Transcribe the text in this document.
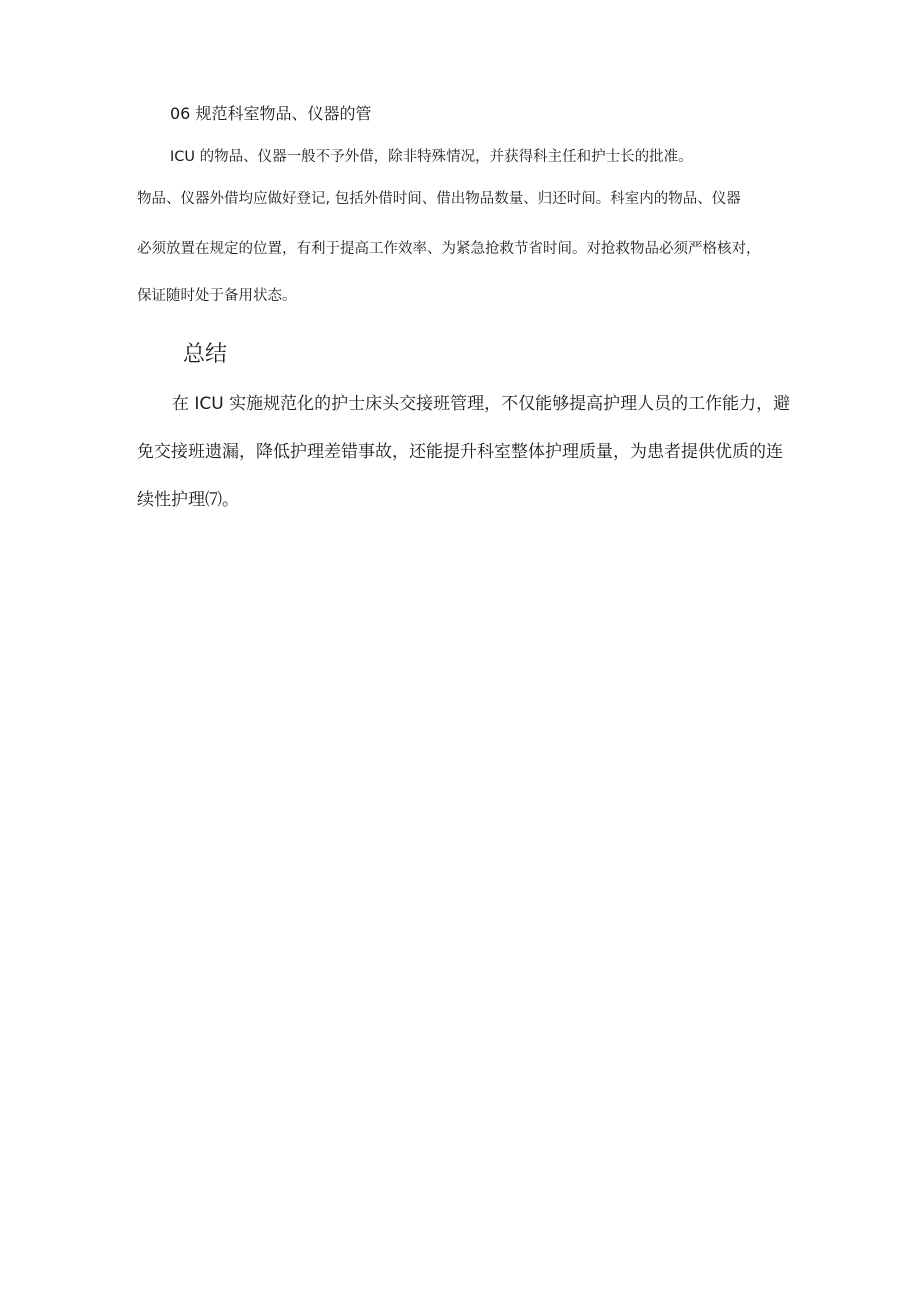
06 规范科室物品、仪器的管

ICU 的物品、仪器一般不予外借，除非特殊情况，并获得科主任和护士长的批准。

物品、仪器外借均应做好登记, 包括外借时间、借出物品数量、归还时间。科室内的物品、仪器

必须放置在规定的位置，有利于提高工作效率、为紧急抢救节省时间。对抢救物品必须严格核对，

保证随时处于备用状态。

总结

在 ICU 实施规范化的护士床头交接班管理，不仅能够提高护理人员的工作能力，避

免交接班遗漏，降低护理差错事故，还能提升科室整体护理质量，为患者提供优质的连

续性护理⑺。
